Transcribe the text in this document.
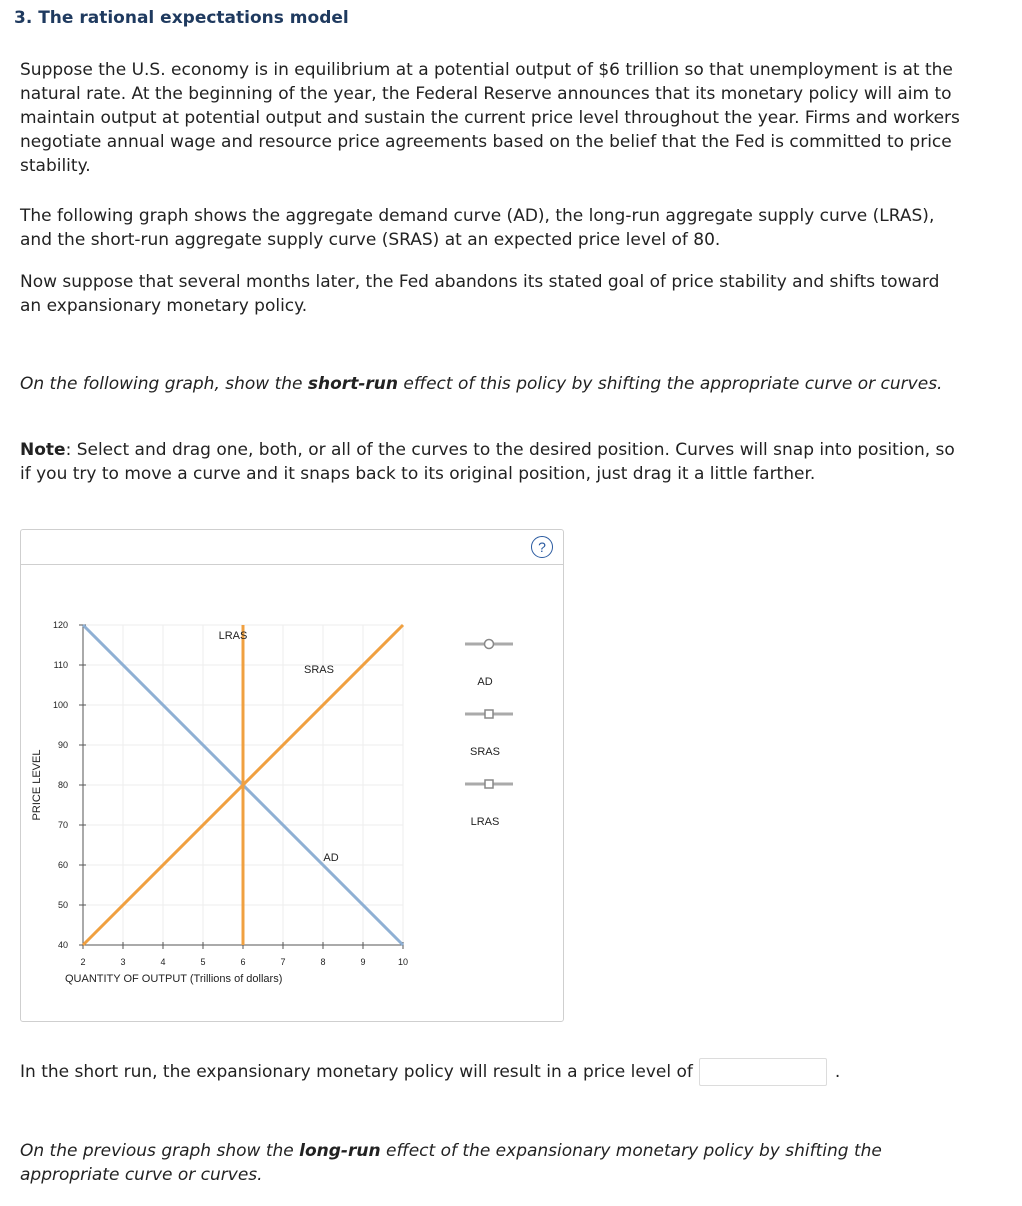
3. The rational expectations model

Suppose the U.S. economy is in equilibrium at a potential output of $6 trillion so that unemployment is at the natural rate. At the beginning of the year, the Federal Reserve announces that its monetary policy will aim to maintain output at potential output and sustain the current price level throughout the year. Firms and workers negotiate annual wage and resource price agreements based on the belief that the Fed is committed to price stability.

The following graph shows the aggregate demand curve (AD), the long-run aggregate supply curve (LRAS), and the short-run aggregate supply curve (SRAS) at an expected price level of 80.

Now suppose that several months later, the Fed abandons its stated goal of price stability and shifts toward an expansionary monetary policy.

On the following graph, show the short-run effect of this policy by shifting the appropriate curve or curves.

Note: Select and drag one, both, or all of the curves to the desired position. Curves will snap into position, so if you try to move a curve and it snaps back to its original position, just drag it a little farther.

?
120
110
100
90
80
70
60
50
40
2	3	4	5	6	7	8	9	10
QUANTITY OF OUTPUT (Trillions of dollars)
PRICE LEVEL
LRAS
SRAS
AD
AD
SRAS
LRAS
In the short run, the expansionary monetary policy will result in a price level of	.

On the previous graph show the long-run effect of the expansionary monetary policy by shifting the appropriate curve or curves.
